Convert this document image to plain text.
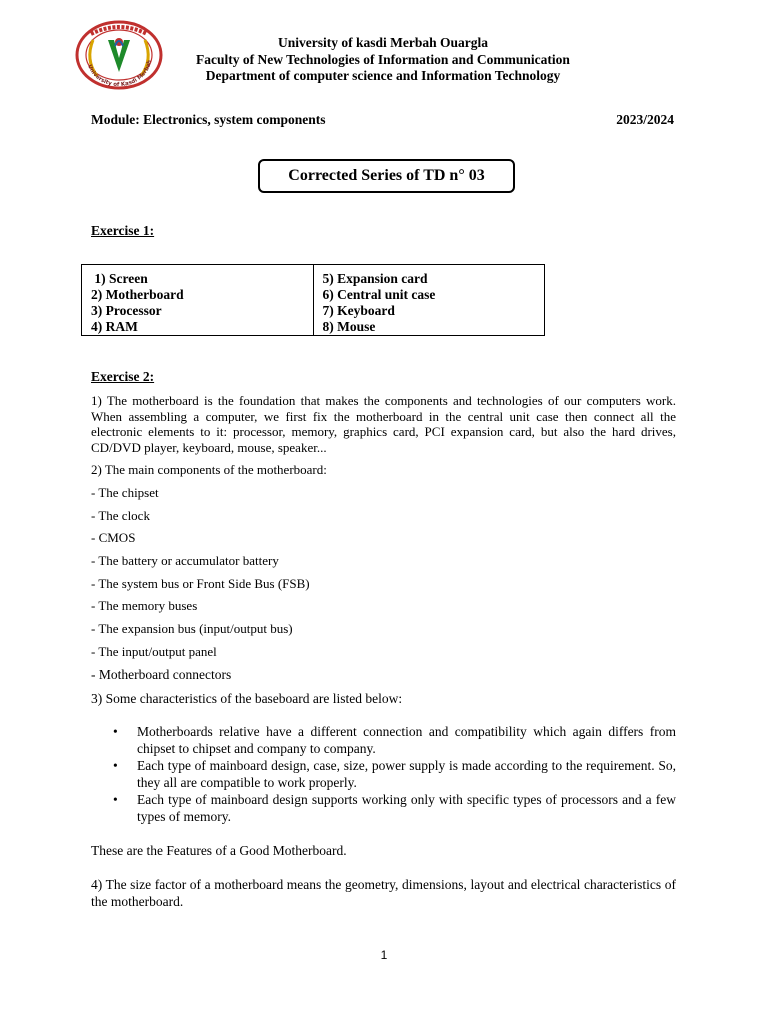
University of Kasdi Merbah
University of kasdi Merbah Ouargla
Faculty of New Technologies of Information and Communication
Department of computer science and Information Technology
Module: Electronics, system components	2023/2024
Corrected Series of TD n° 03
Exercise 1:
1) Screen
2) Motherboard
3) Processor
4) RAM

5) Expansion card
6) Central unit case
7) Keyboard
8) Mouse
Exercise 2:
1) The motherboard is the foundation that makes the components and technologies of our computers work. When assembling a computer, we first fix the motherboard in the central unit case then connect all the electronic elements to it: processor, memory, graphics card, PCI expansion card, but also the hard drives, CD/DVD player, keyboard, mouse, speaker...
2) The main components of the motherboard:
- The chipset
- The clock
- CMOS
- The battery or accumulator battery
- The system bus or Front Side Bus (FSB)
- The memory buses
- The expansion bus (input/output bus)
- The input/output panel
- Motherboard connectors
3) Some characteristics of the baseboard are listed below:
• Motherboards relative have a different connection and compatibility which again differs from chipset to chipset and company to company.
• Each type of mainboard design, case, size, power supply is made according to the requirement. So, they all are compatible to work properly.
• Each type of mainboard design supports working only with specific types of processors and a few types of memory.
These are the Features of a Good Motherboard.
4) The size factor of a motherboard means the geometry, dimensions, layout and electrical characteristics of the motherboard.
1
